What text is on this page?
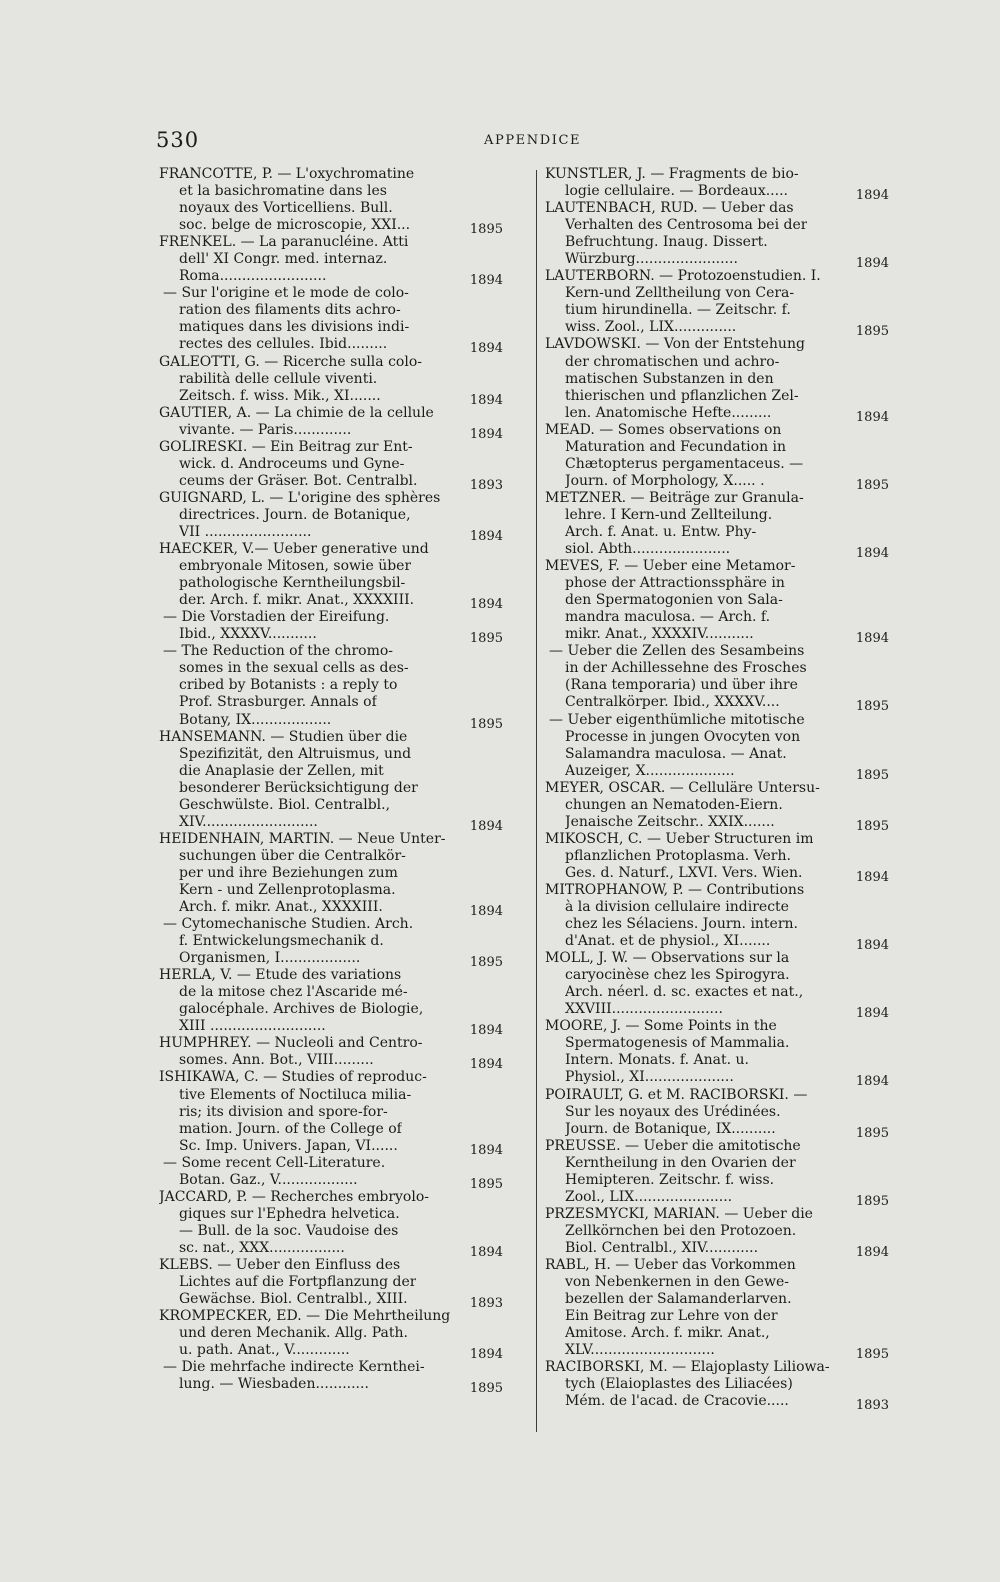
530	APPENDICE
FRANCOTTE, P. — L'oxychromatine
et la basichromatine dans les
noyaux des Vorticelliens. Bull.
soc. belge de microscopie, XXI...	1895
FRENKEL. — La paranucléine. Atti
dell' XI Congr. med. internaz.
Roma........................	1894
— Sur l'origine et le mode de colo-
ration des filaments dits achro-
matiques dans les divisions indi-
rectes des cellules. Ibid.........	1894
GALEOTTI, G. — Ricerche sulla colo-
rabilità delle cellule viventi.
Zeitsch. f. wiss. Mik., XI.......	1894
GAUTIER, A. — La chimie de la cellule
vivante. — Paris.............	1894
GOLIRESKI. — Ein Beitrag zur Ent-
wick. d. Androceums und Gyne-
ceums der Gräser. Bot. Centralbl.	1893
GUIGNARD, L. — L'origine des sphères
directrices. Journ. de Botanique,
VII ........................	1894
HAECKER, V.— Ueber generative und
embryonale Mitosen, sowie über
pathologische Kerntheilungsbil-
der. Arch. f. mikr. Anat., XXXXIII.	1894
— Die Vorstadien der Eireifung.
Ibid., XXXXV...........	1895
— The Reduction of the chromo-
somes in the sexual cells as des-
cribed by Botanists : a reply to
Prof. Strasburger. Annals of
Botany, IX..................	1895
HANSEMANN. — Studien über die
Spezifizität, den Altruismus, und
die Anaplasie der Zellen, mit
besonderer Berücksichtigung der
Geschwülste. Biol. Centralbl.,
XIV..........................	1894
HEIDENHAIN, MARTIN. — Neue Unter-
suchungen über die Centralkör-
per und ihre Beziehungen zum
Kern - und Zellenprotoplasma.
Arch. f. mikr. Anat., XXXXIII.	1894
— Cytomechanische Studien. Arch.
f. Entwickelungsmechanik d.
Organismen, I..................	1895
HERLA, V. — Etude des variations
de la mitose chez l'Ascaride mé-
galocéphale. Archives de Biologie,
XIII ..........................	1894
HUMPHREY. — Nucleoli and Centro-
somes. Ann. Bot., VIII.........	1894
ISHIKAWA, C. — Studies of reproduc-
tive Elements of Noctiluca milia-
ris; its division and spore-for-
mation. Journ. of the College of
Sc. Imp. Univers. Japan, VI......	1894
— Some recent Cell-Literature.
Botan. Gaz., V..................	1895
JACCARD, P. — Recherches embryolo-
giques sur l'Ephedra helvetica.
— Bull. de la soc. Vaudoise des
sc. nat., XXX.................	1894
KLEBS. — Ueber den Einfluss des
Lichtes auf die Fortpflanzung der
Gewächse. Biol. Centralbl., XIII.	1893
KROMPECKER, ED. — Die Mehrtheilung
und deren Mechanik. Allg. Path.
u. path. Anat., V.............	1894
— Die mehrfache indirecte Kernthei-
lung. — Wiesbaden............	1895
KUNSTLER, J. — Fragments de bio-
logie cellulaire. — Bordeaux.....	1894
LAUTENBACH, RUD. — Ueber das
Verhalten des Centrosoma bei der
Befruchtung. Inaug. Dissert.
Würzburg.......................	1894
LAUTERBORN. — Protozoenstudien. I.
Kern-und Zelltheilung von Cera-
tium hirundinella. — Zeitschr. f.
wiss. Zool., LIX..............	1895
LAVDOWSKI. — Von der Entstehung
der chromatischen und achro-
matischen Substanzen in den
thierischen und pflanzlichen Zel-
len. Anatomische Hefte.........	1894
MEAD. — Somes observations on
Maturation and Fecundation in
Chætopterus pergamentaceus. —
Journ. of Morphology, X..... .	1895
METZNER. — Beiträge zur Granula-
lehre. I Kern-und Zellteilung.
Arch. f. Anat. u. Entw. Phy-
siol. Abth......................	1894
MEVES, F. — Ueber eine Metamor-
phose der Attractionssphäre in
den Spermatogonien von Sala-
mandra maculosa. — Arch. f.
mikr. Anat., XXXXIV...........	1894
— Ueber die Zellen des Sesambeins
in der Achillessehne des Frosches
(Rana temporaria) und über ihre
Centralkörper. Ibid., XXXXV....	1895
— Ueber eigenthümliche mitotische
Processe in jungen Ovocyten von
Salamandra maculosa. — Anat.
Auzeiger, X....................	1895
MEYER, OSCAR. — Celluläre Untersu-
chungen an Nematoden-Eiern.
Jenaische Zeitschr.. XXIX.......	1895
MIKOSCH, C. — Ueber Structuren im
pflanzlichen Protoplasma. Verh.
Ges. d. Naturf., LXVI. Vers. Wien.	1894
MITROPHANOW, P. — Contributions
à la division cellulaire indirecte
chez les Sélaciens. Journ. intern.
d'Anat. et de physiol., XI.......	1894
MOLL, J. W. — Observations sur la
caryocinèse chez les Spirogyra.
Arch. néerl. d. sc. exactes et nat.,
XXVIII.........................	1894
MOORE, J. — Some Points in the
Spermatogenesis of Mammalia.
Intern. Monats. f. Anat. u.
Physiol., XI....................	1894
POIRAULT, G. et M. RACIBORSKI. —
Sur les noyaux des Urédinées.
Journ. de Botanique, IX..........	1895
PREUSSE. — Ueber die amitotische
Kerntheilung in den Ovarien der
Hemipteren. Zeitschr. f. wiss.
Zool., LIX......................	1895
PRZESMYCKI, MARIAN. — Ueber die
Zellkörnchen bei den Protozoen.
Biol. Centralbl., XIV............	1894
RABL, H. — Ueber das Vorkommen
von Nebenkernen in den Gewe-
bezellen der Salamanderlarven.
Ein Beitrag zur Lehre von der
Amitose. Arch. f. mikr. Anat.,
XLV............................	1895
RACIBORSKI, M. — Elajoplasty Liliowa-
tych (Elaioplastes des Liliacées)
Mém. de l'acad. de Cracovie.....	1893
